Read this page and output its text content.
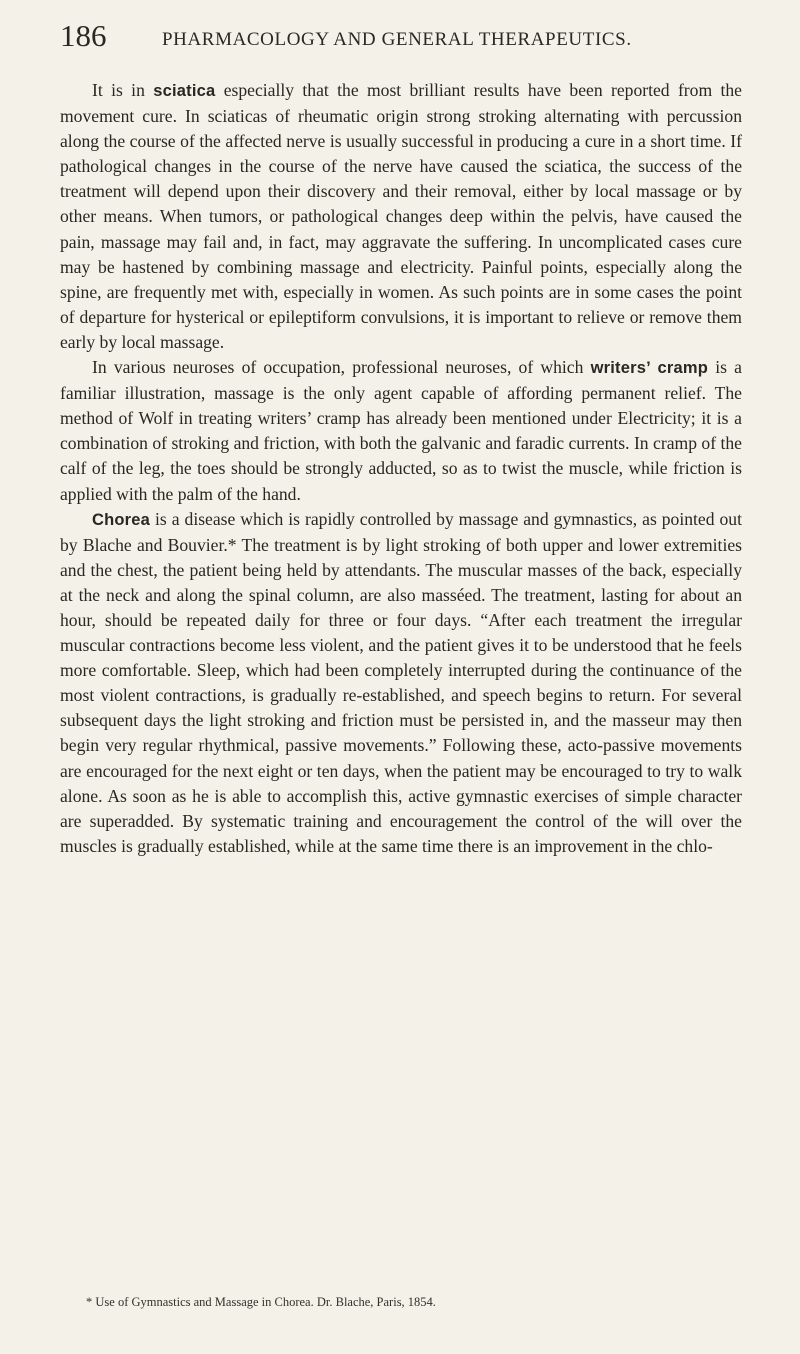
186	PHARMACOLOGY AND GENERAL THERAPEUTICS.

It is in sciatica especially that the most brilliant results have been reported from the movement cure. In sciaticas of rheumatic origin strong stroking alternating with percussion along the course of the affected nerve is usually successful in producing a cure in a short time. If pathological changes in the course of the nerve have caused the sciatica, the success of the treatment will depend upon their discovery and their removal, either by local massage or by other means. When tumors, or pathological changes deep within the pelvis, have caused the pain, massage may fail and, in fact, may aggravate the suffering. In uncomplicated cases cure may be hastened by combining massage and electricity. Painful points, especially along the spine, are frequently met with, especially in women. As such points are in some cases the point of departure for hysterical or epileptiform convulsions, it is important to relieve or remove them early by local massage.

In various neuroses of occupation, professional neuroses, of which writers’ cramp is a familiar illustration, massage is the only agent capable of affording permanent relief. The method of Wolf in treating writers’ cramp has already been mentioned under Electricity; it is a combination of stroking and friction, with both the galvanic and faradic currents. In cramp of the calf of the leg, the toes should be strongly adducted, so as to twist the muscle, while friction is applied with the palm of the hand.

Chorea is a disease which is rapidly controlled by massage and gymnastics, as pointed out by Blache and Bouvier.* The treatment is by light stroking of both upper and lower extremities and the chest, the patient being held by attendants. The muscular masses of the back, especially at the neck and along the spinal column, are also masséed. The treatment, lasting for about an hour, should be repeated daily for three or four days. “After each treatment the irregular muscular contractions become less violent, and the patient gives it to be understood that he feels more comfortable. Sleep, which had been completely interrupted during the continuance of the most violent contractions, is gradually re-established, and speech begins to return. For several subsequent days the light stroking and friction must be persisted in, and the masseur may then begin very regular rhythmical, passive movements.” Following these, acto-passive movements are encouraged for the next eight or ten days, when the patient may be encouraged to try to walk alone. As soon as he is able to accomplish this, active gymnastic exercises of simple character are superadded. By systematic training and encouragement the control of the will over the muscles is gradually established, while at the same time there is an improvement in the chlo-

* Use of Gymnastics and Massage in Chorea. Dr. Blache, Paris, 1854.
